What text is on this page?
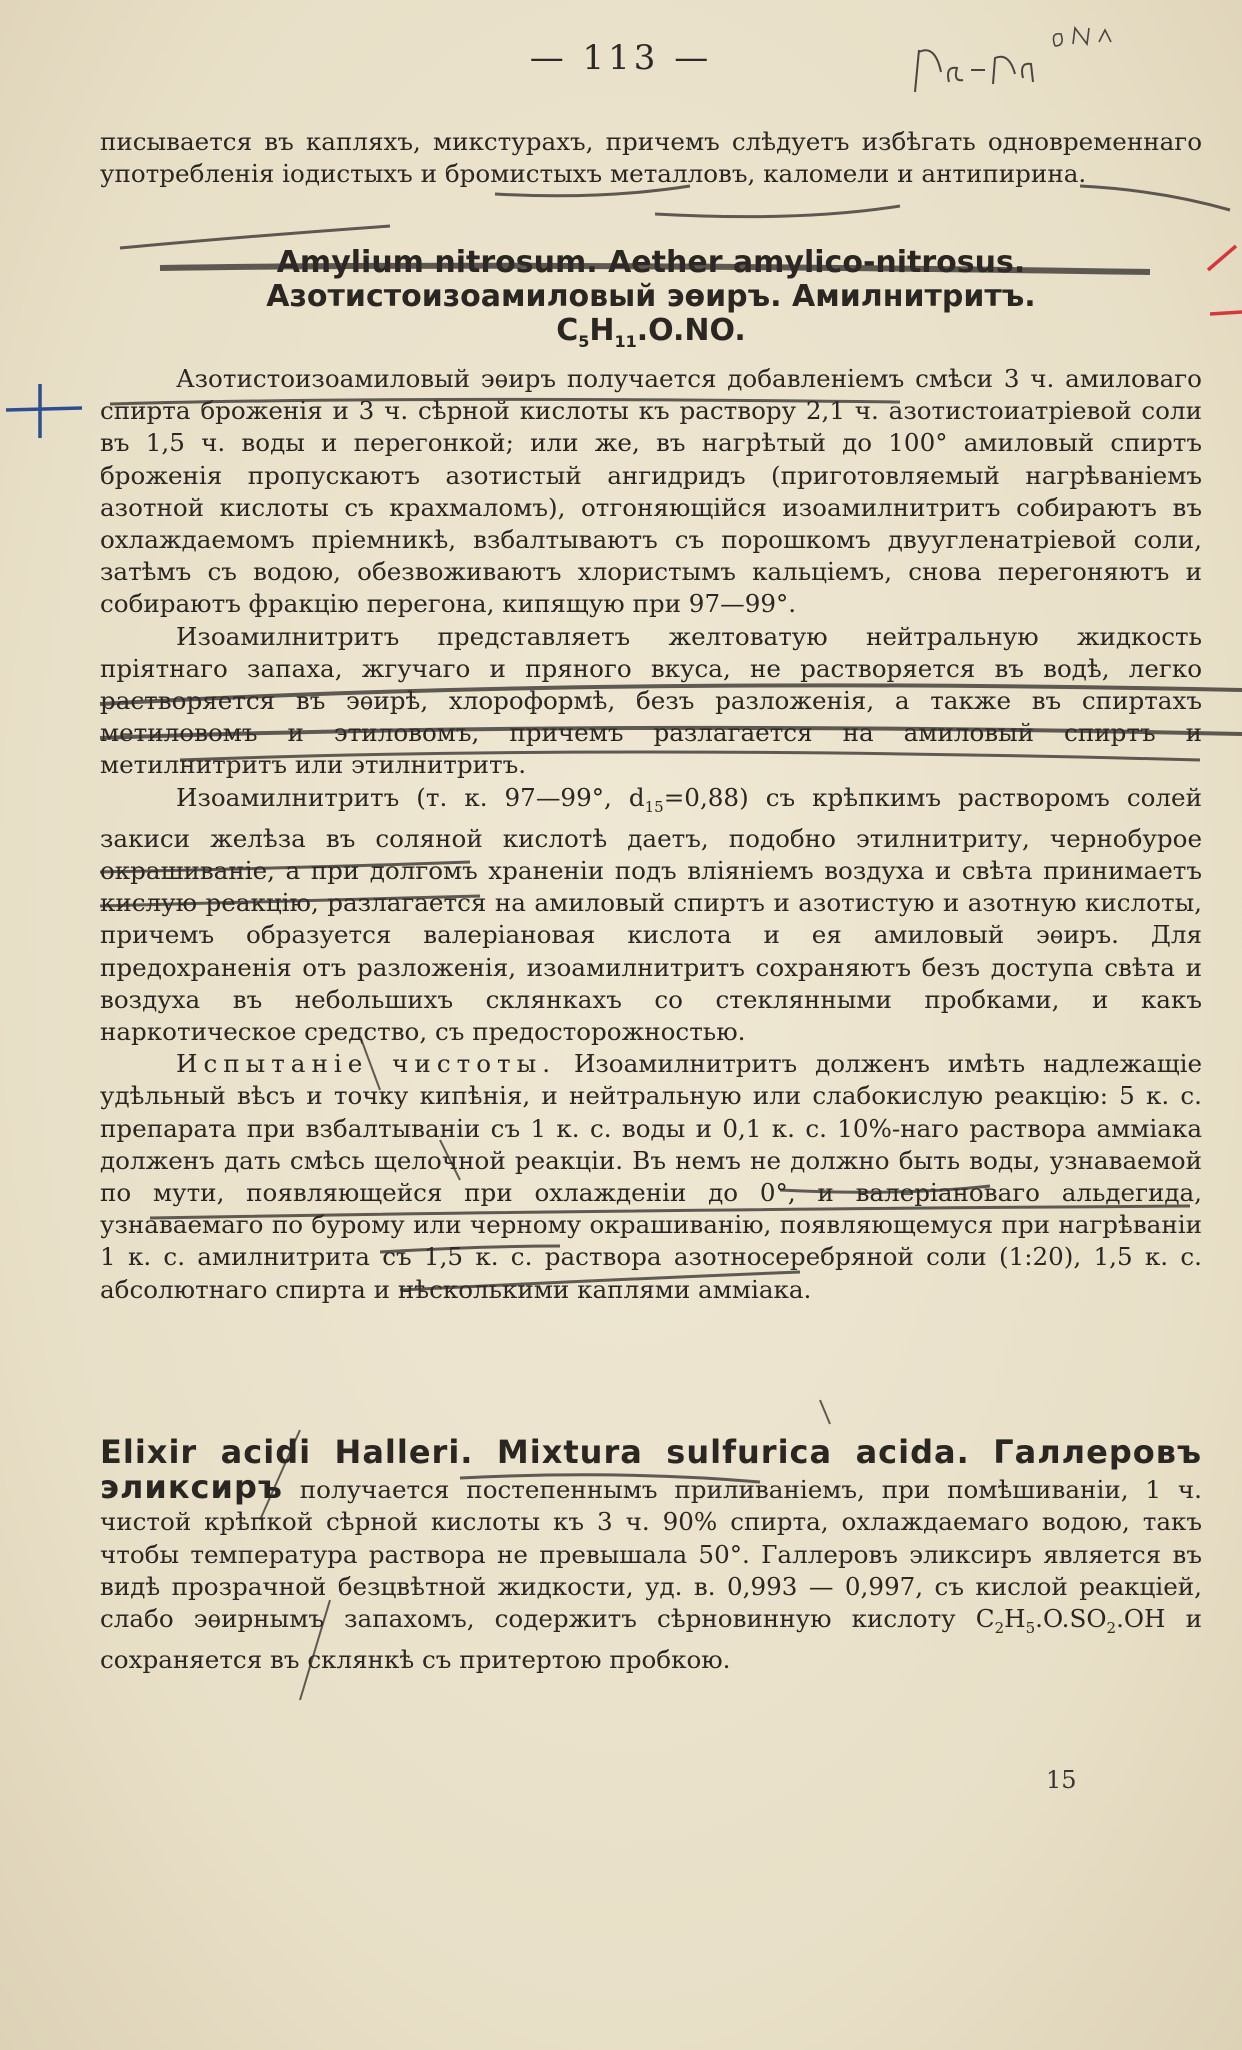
— 113 —

писывается въ капляхъ, микстурахъ, причемъ слѣдуетъ избѣгать одновременнаго употребленія іодистыхъ и бромистыхъ металловъ, каломели и антипирина.

Amylium nitrosum. Aether amylico-nitrosus.

Азотистоизоамиловый эѳиръ. Амилнитритъ.

$C_5H_{11}.O.NO$.

Азотистоизоамиловый эѳиръ получается добавленіемъ смѣси 3 ч. амиловаго спирта броженія и 3 ч. сѣрной кислоты къ раствору 2,1 ч. азотистоиатріевой соли въ 1,5 ч. воды и перегонкой; или же, въ нагрѣтый до 100° амиловый спиртъ броженія пропускаютъ азотистый ангидридъ (приготовляемый нагрѣваніемъ азотной кислоты съ крахмаломъ), отгоняющійся изоамилнитритъ собираютъ въ охлаждаемомъ пріемникѣ, взбалтываютъ съ порошкомъ двуугленатріевой соли, затѣмъ съ водою, обезвоживаютъ хлористымъ кальціемъ, снова перегоняютъ и собираютъ фракцію перегона, кипящую при 97—99°.

Изоамилнитритъ представляетъ желтоватую нейтральную жидкость пріятнаго запаха, жгучаго и пряного вкуса, не растворяется въ водѣ, легко растворяется въ эѳирѣ, хлороформѣ, безъ разложенія, а также въ спиртахъ метиловомъ и этиловомъ, причемъ разлагается на амиловый спиртъ и метилнитритъ или этилнитритъ.

Изоамилнитритъ (т. к. 97—99°, $d_{15}=0,88$) съ крѣпкимъ растворомъ солей закиси желѣза въ соляной кислотѣ даетъ, подобно этилнитриту, чернобурое окрашиваніе, а при долгомъ храненіи подъ вліяніемъ воздуха и свѣта принимаетъ кислую реакцію, разлагается на амиловый спиртъ и азотистую и азотную кислоты, причемъ образуется валеріановая кислота и ея амиловый эѳиръ. Для предохраненія отъ разложенія, изоамилнитритъ сохраняютъ безъ доступа свѣта и воздуха въ небольшихъ склянкахъ со стеклянными пробками, и какъ наркотическое средство, съ предосторожностью.

Испытаніе чистоты. Изоамилнитритъ долженъ имѣть надлежащіе удѣльный вѣсъ и точку кипѣнія, и нейтральную или слабокислую реакцію: 5 к. с. препарата при взбалтываніи съ 1 к. с. воды и 0,1 к. с. 10%-наго раствора амміака долженъ дать смѣсь щелочной реакціи. Въ немъ не должно быть воды, узнаваемой по мути, появляющейся при охлажденіи до 0°, и валеріановаго альдегида, узнаваемаго по бурому или черному окрашиванію, появляющемуся при нагрѣваніи 1 к. с. амилнитрита съ 1,5 к. с. раствора азотносеребряной соли (1:20), 1,5 к. с. абсолютнаго спирта и нѣсколькими каплями амміака.

Elixir acidi Halleri. Mixtura sulfurica acida. Галлеровъ эликсиръ получается постепеннымъ приливаніемъ, при помѣшиваніи, 1 ч. чистой крѣпкой сѣрной кислоты къ 3 ч. 90% спирта, охлаждаемаго водою, такъ чтобы температура раствора не превышала 50°. Галлеровъ эликсиръ является въ видѣ прозрачной безцвѣтной жидкости, уд. в. 0,993 — 0,997, съ кислой реакціей, слабо эѳирнымъ запахомъ, содержитъ сѣрновинную кислоту $C_2H_5.O.SO_2.OH$ и сохраняется въ склянкѣ съ притертою пробкою.

15
